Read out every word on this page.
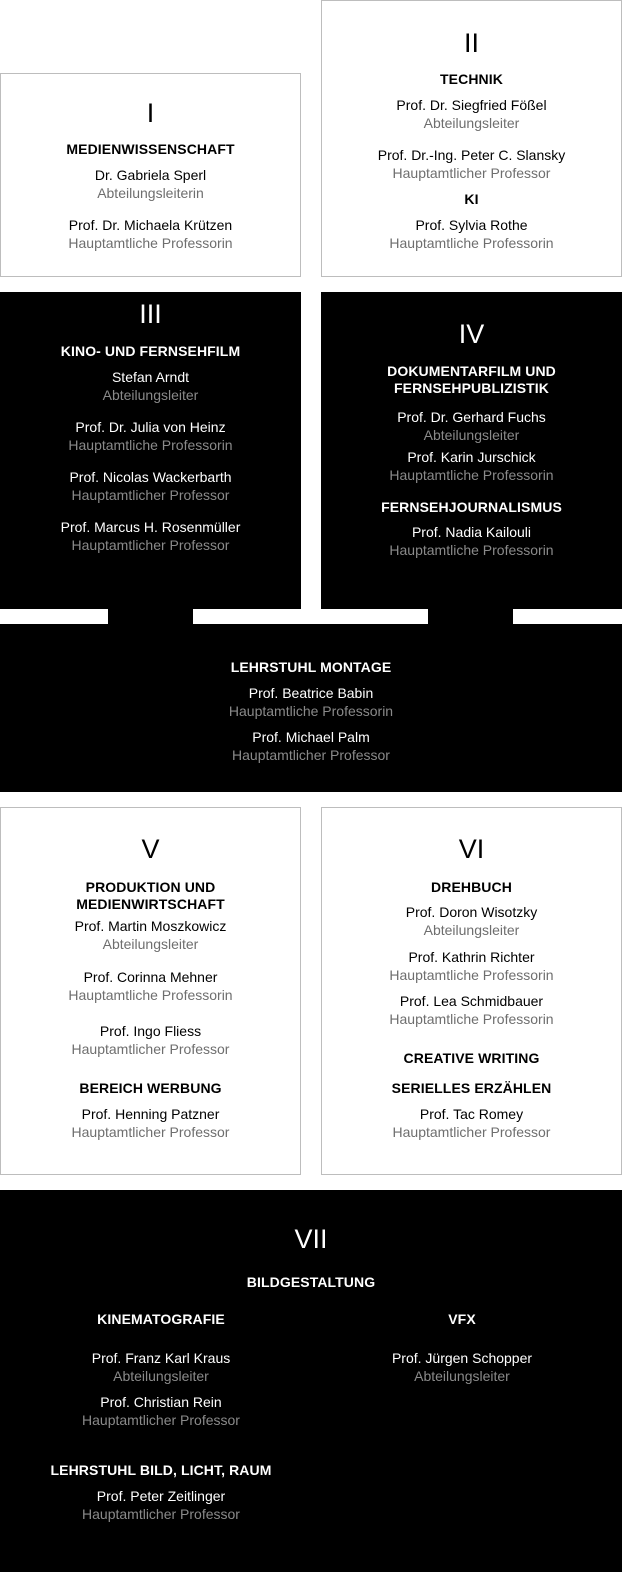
I
MEDIENWISSENSCHAFT
Dr. Gabriela Sperl
Abteilungsleiterin
Prof. Dr. Michaela Krützen
Hauptamtliche Professorin
II
TECHNIK
Prof. Dr. Siegfried Fößel
Abteilungsleiter
Prof. Dr.-Ing. Peter C. Slansky
Hauptamtlicher Professor
KI
Prof. Sylvia Rothe
Hauptamtliche Professorin
III
KINO- UND FERNSEHFILM
Stefan Arndt
Abteilungsleiter
Prof. Dr. Julia von Heinz
Hauptamtliche Professorin
Prof. Nicolas Wackerbarth
Hauptamtlicher Professor
Prof. Marcus H. Rosenmüller
Hauptamtlicher Professor
IV
DOKUMENTARFILM UND
FERNSEHPUBLIZISTIK
Prof. Dr. Gerhard Fuchs
Abteilungsleiter
Prof. Karin Jurschick
Hauptamtliche Professorin
FERNSEHJOURNALISMUS
Prof. Nadia Kailouli
Hauptamtliche Professorin
LEHRSTUHL MONTAGE
Prof. Beatrice Babin
Hauptamtliche Professorin
Prof. Michael Palm
Hauptamtlicher Professor
V
PRODUKTION UND
MEDIENWIRTSCHAFT
Prof. Martin Moszkowicz
Abteilungsleiter
Prof. Corinna Mehner
Hauptamtliche Professorin
Prof. Ingo Fliess
Hauptamtlicher Professor
BEREICH WERBUNG
Prof. Henning Patzner
Hauptamtlicher Professor
VI
DREHBUCH
Prof. Doron Wisotzky
Abteilungsleiter
Prof. Kathrin Richter
Hauptamtliche Professorin
Prof. Lea Schmidbauer
Hauptamtliche Professorin
CREATIVE WRITING
SERIELLES ERZÄHLEN
Prof. Tac Romey
Hauptamtlicher Professor
VII
BILDGESTALTUNG
KINEMATOGRAFIE
Prof. Franz Karl Kraus
Abteilungsleiter
Prof. Christian Rein
Hauptamtlicher Professor
LEHRSTUHL BILD, LICHT, RAUM
Prof. Peter Zeitlinger
Hauptamtlicher Professor
VFX
Prof. Jürgen Schopper
Abteilungsleiter
